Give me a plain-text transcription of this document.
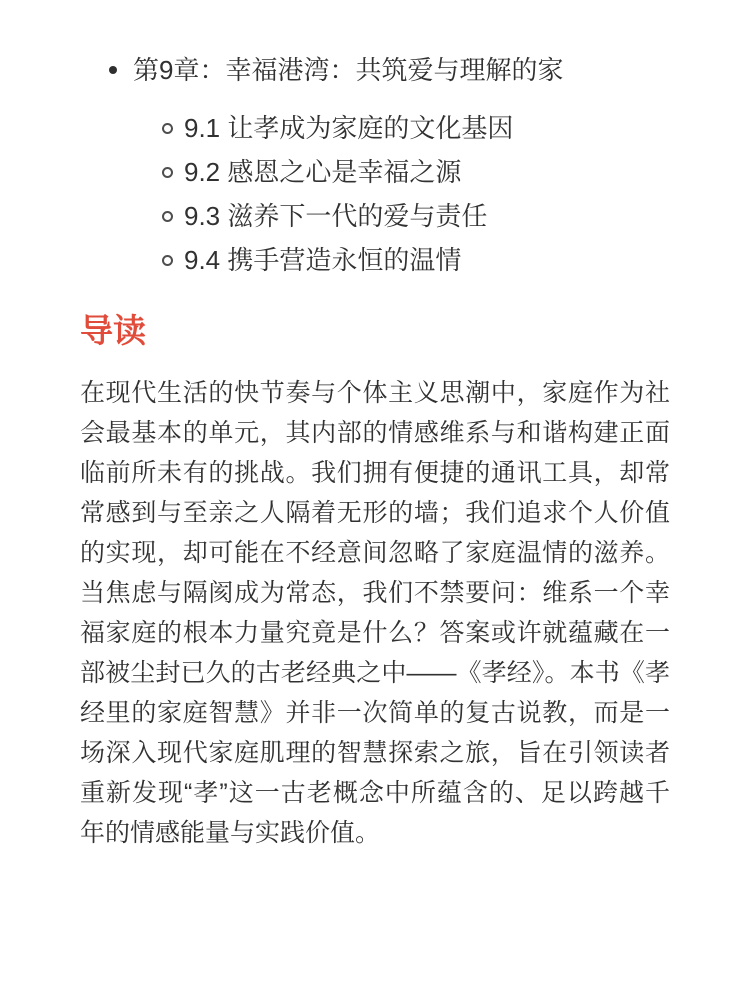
第9章：幸福港湾：共筑爱与理解的家
9.1 让孝成为家庭的文化基因
9.2 感恩之心是幸福之源
9.3 滋养下一代的爱与责任
9.4 携手营造永恒的温情
导读

在现代生活的快节奏与个体主义思潮中，家庭作为社会最基本的单元，其内部的情感维系与和谐构建正面临前所未有的挑战。我们拥有便捷的通讯工具，却常常感到与至亲之人隔着无形的墙；我们追求个人价值的实现，却可能在不经意间忽略了家庭温情的滋养。当焦虑与隔阂成为常态，我们不禁要问：维系一个幸福家庭的根本力量究竟是什么？答案或许就蕴藏在一部被尘封已久的古老经典之中——《孝经》。本书《孝经里的家庭智慧》并非一次简单的复古说教，而是一场深入现代家庭肌理的智慧探索之旅，旨在引领读者重新发现“孝”这一古老概念中所蕴含的、足以跨越千年的情感能量与实践价值。
